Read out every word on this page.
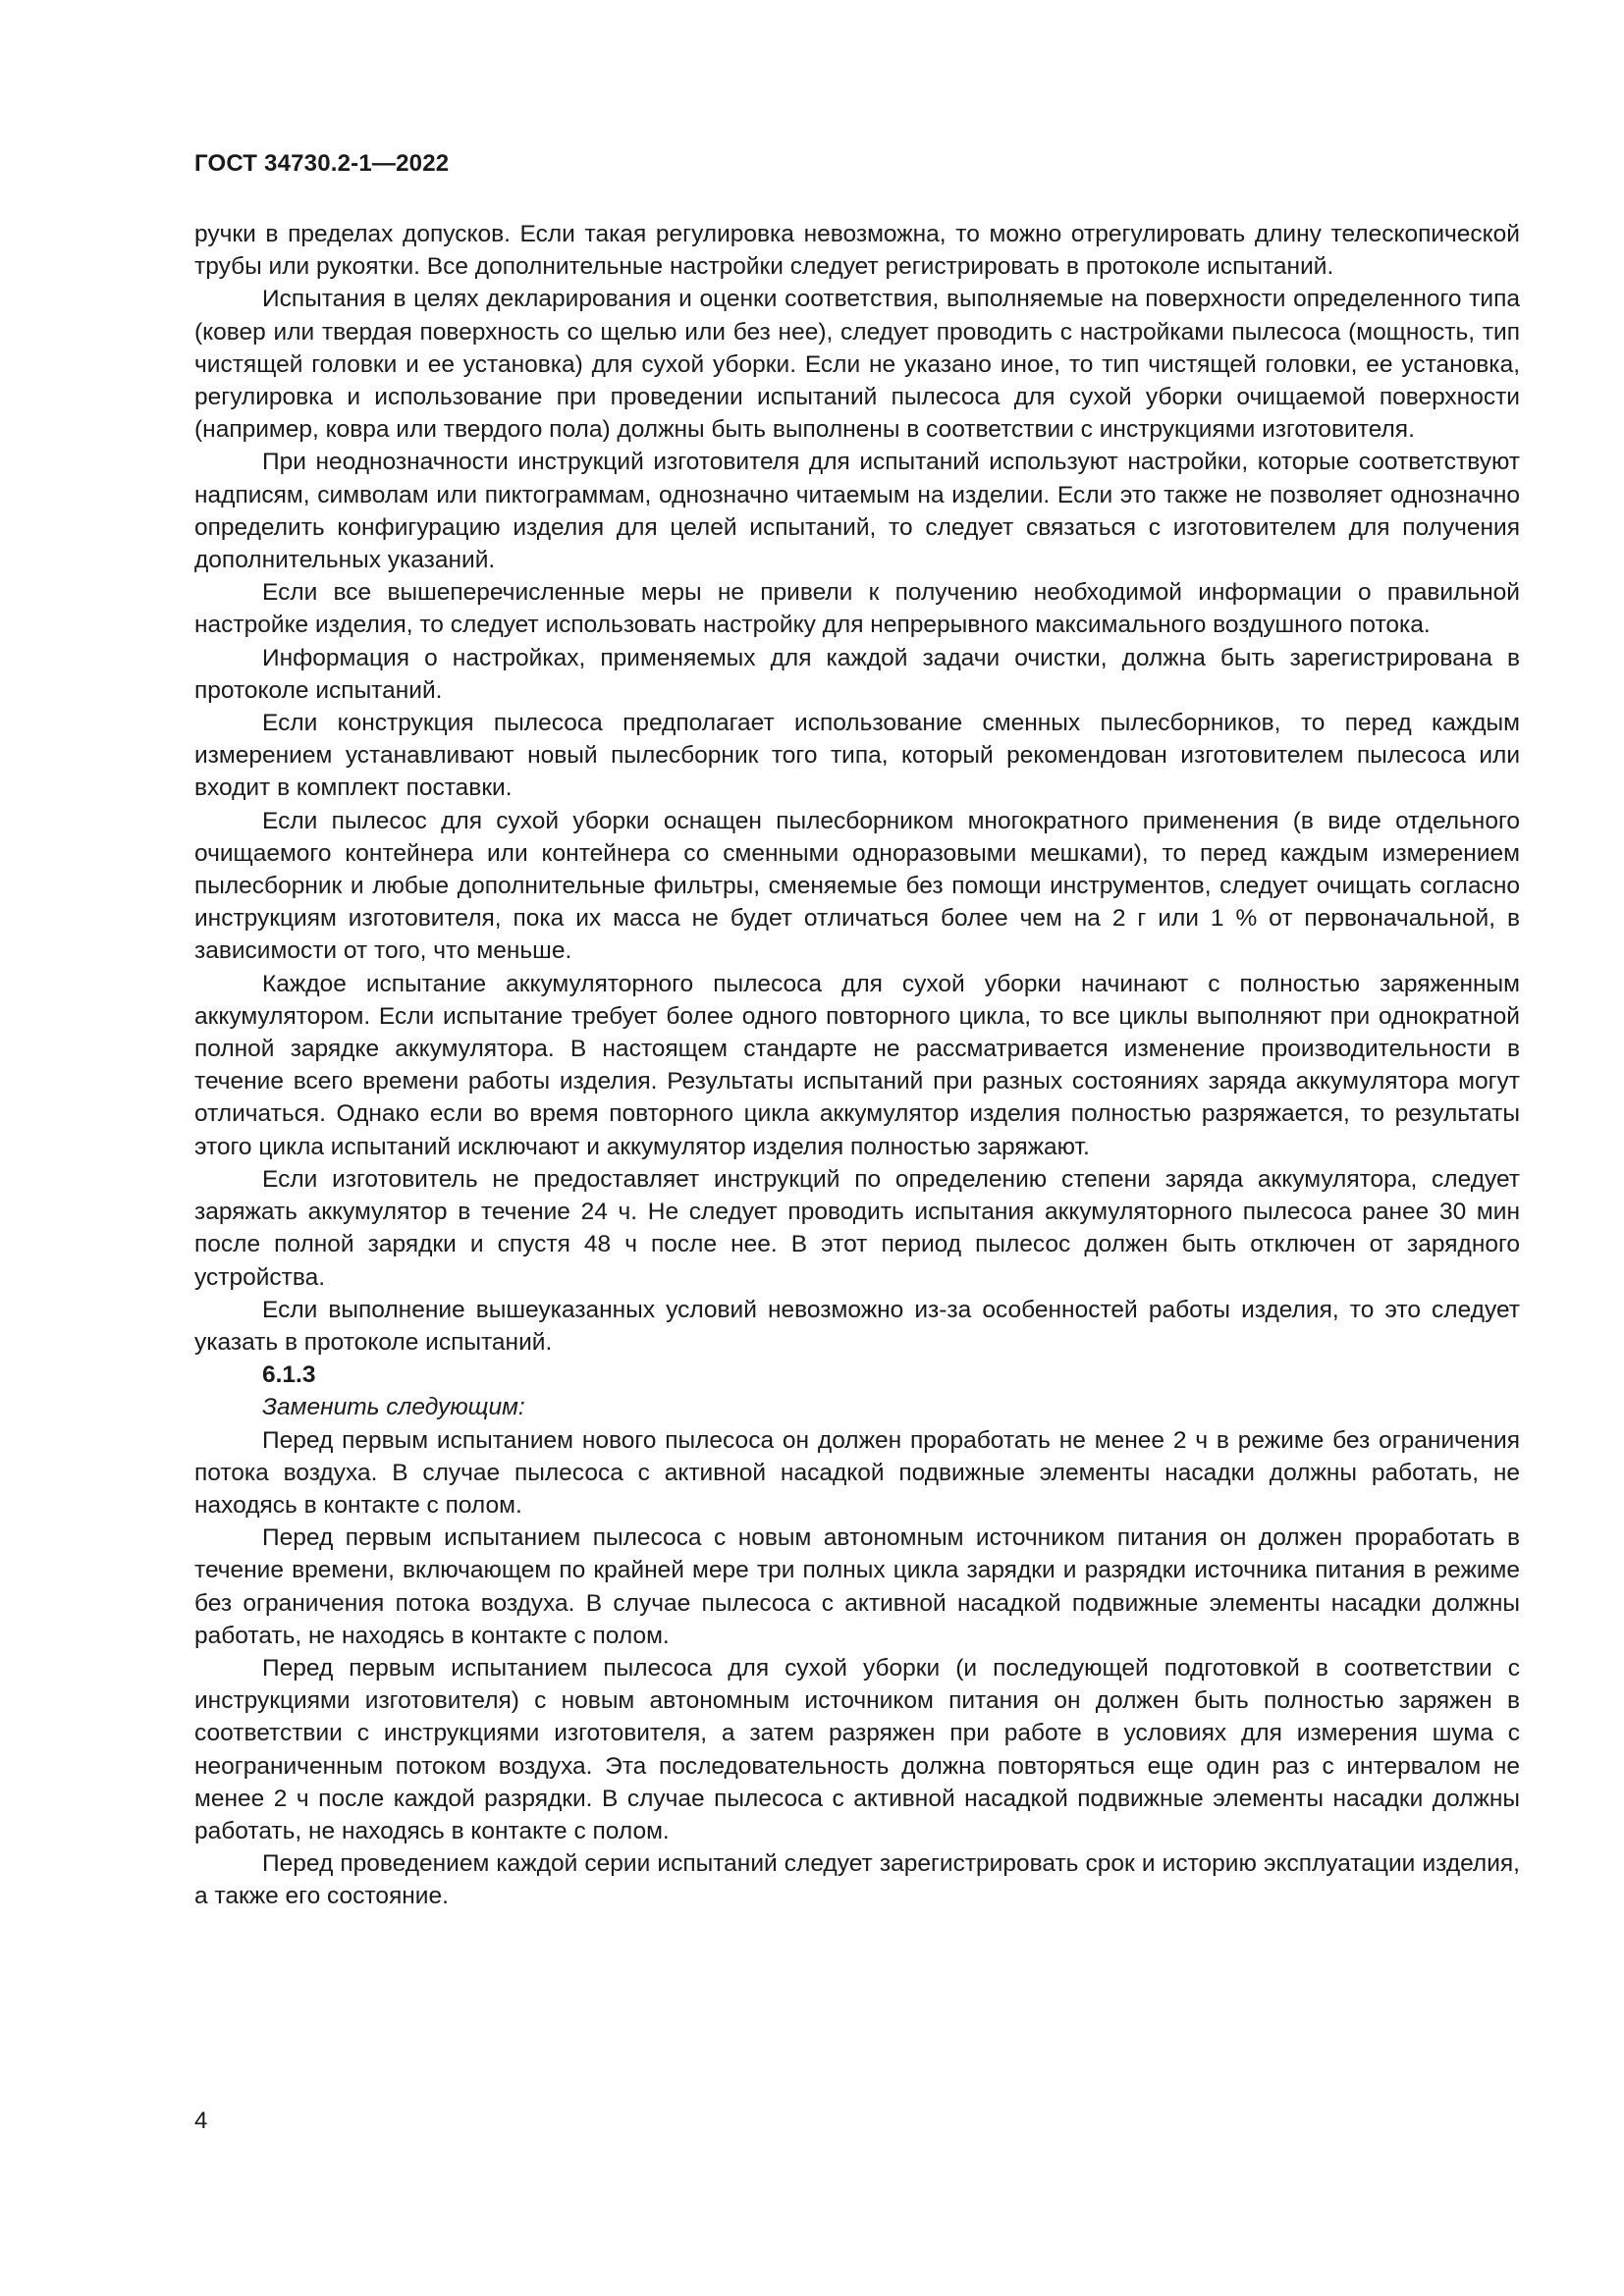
ГОСТ 34730.2-1—2022

ручки в пределах допусков. Если такая регулировка невозможна, то можно отрегулировать длину телескопической трубы или рукоятки. Все дополнительные настройки следует регистрировать в протоколе испытаний.

Испытания в целях декларирования и оценки соответствия, выполняемые на поверхности определенного типа (ковер или твердая поверхность со щелью или без нее), следует проводить с настройками пылесоса (мощность, тип чистящей головки и ее установка) для сухой уборки. Если не указано иное, то тип чистящей головки, ее установка, регулировка и использование при проведении испытаний пылесоса для сухой уборки очищаемой поверхности (например, ковра или твердого пола) должны быть выполнены в соответствии с инструкциями изготовителя.

При неоднозначности инструкций изготовителя для испытаний используют настройки, которые соответствуют надписям, символам или пиктограммам, однозначно читаемым на изделии. Если это также не позволяет однозначно определить конфигурацию изделия для целей испытаний, то следует связаться с изготовителем для получения дополнительных указаний.

Если все вышеперечисленные меры не привели к получению необходимой информации о правильной настройке изделия, то следует использовать настройку для непрерывного максимального воздушного потока.

Информация о настройках, применяемых для каждой задачи очистки, должна быть зарегистрирована в протоколе испытаний.

Если конструкция пылесоса предполагает использование сменных пылесборников, то перед каждым измерением устанавливают новый пылесборник того типа, который рекомендован изготовителем пылесоса или входит в комплект поставки.

Если пылесос для сухой уборки оснащен пылесборником многократного применения (в виде отдельного очищаемого контейнера или контейнера со сменными одноразовыми мешками), то перед каждым измерением пылесборник и любые дополнительные фильтры, сменяемые без помощи инструментов, следует очищать согласно инструкциям изготовителя, пока их масса не будет отличаться более чем на 2 г или 1 % от первоначальной, в зависимости от того, что меньше.

Каждое испытание аккумуляторного пылесоса для сухой уборки начинают с полностью заряженным аккумулятором. Если испытание требует более одного повторного цикла, то все циклы выполняют при однократной полной зарядке аккумулятора. В настоящем стандарте не рассматривается изменение производительности в течение всего времени работы изделия. Результаты испытаний при разных состояниях заряда аккумулятора могут отличаться. Однако если во время повторного цикла аккумулятор изделия полностью разряжается, то результаты этого цикла испытаний исключают и аккумулятор изделия полностью заряжают.

Если изготовитель не предоставляет инструкций по определению степени заряда аккумулятора, следует заряжать аккумулятор в течение 24 ч. Не следует проводить испытания аккумуляторного пылесоса ранее 30 мин после полной зарядки и спустя 48 ч после нее. В этот период пылесос должен быть отключен от зарядного устройства.

Если выполнение вышеуказанных условий невозможно из-за особенностей работы изделия, то это следует указать в протоколе испытаний.

6.1.3
Заменить следующим:

Перед первым испытанием нового пылесоса он должен проработать не менее 2 ч в режиме без ограничения потока воздуха. В случае пылесоса с активной насадкой подвижные элементы насадки должны работать, не находясь в контакте с полом.

Перед первым испытанием пылесоса с новым автономным источником питания он должен проработать в течение времени, включающем по крайней мере три полных цикла зарядки и разрядки источника питания в режиме без ограничения потока воздуха. В случае пылесоса с активной насадкой подвижные элементы насадки должны работать, не находясь в контакте с полом.

Перед первым испытанием пылесоса для сухой уборки (и последующей подготовкой в соответствии с инструкциями изготовителя) с новым автономным источником питания он должен быть полностью заряжен в соответствии с инструкциями изготовителя, а затем разряжен при работе в условиях для измерения шума с неограниченным потоком воздуха. Эта последовательность должна повторяться еще один раз с интервалом не менее 2 ч после каждой разрядки. В случае пылесоса с активной насадкой подвижные элементы насадки должны работать, не находясь в контакте с полом.

Перед проведением каждой серии испытаний следует зарегистрировать срок и историю эксплуатации изделия, а также его состояние.

4
